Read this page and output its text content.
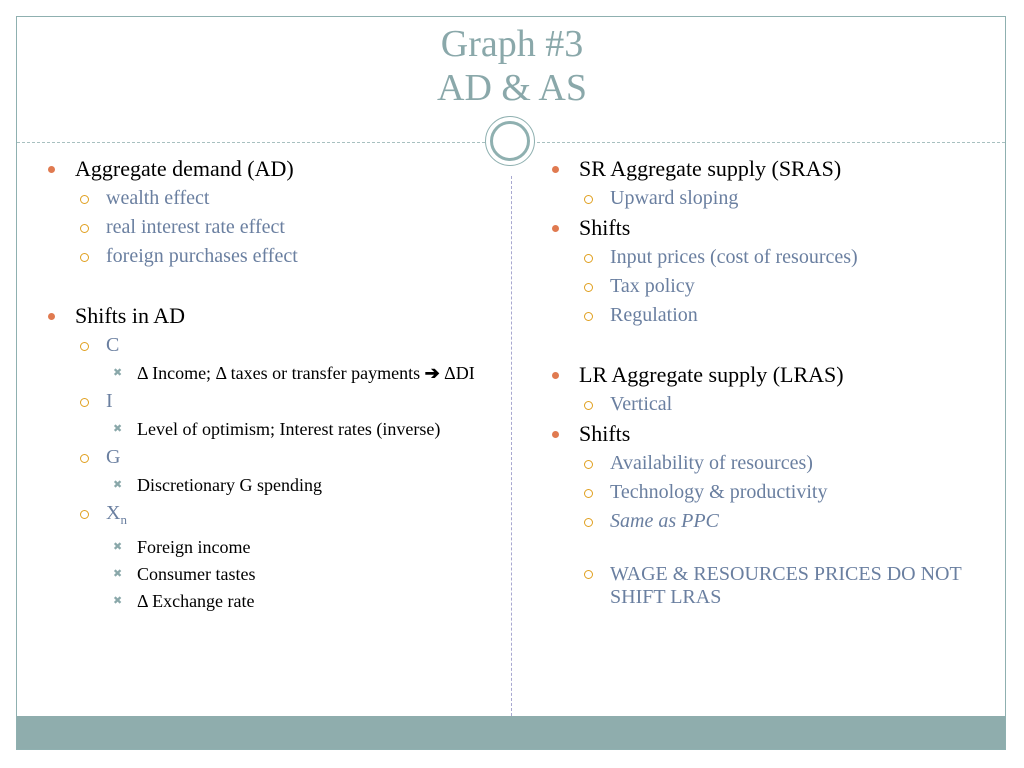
Graph #3
AD & AS
Aggregate demand (AD)
wealth effect
real interest rate effect
foreign purchases effect
Shifts in AD
C
✖ Δ Income; Δ taxes or transfer payments ➔ ΔDI
I
✖ Level of optimism; Interest rates (inverse)
G
✖ Discretionary G spending
$X_n$
✖ Foreign income
✖ Consumer tastes
✖ Δ Exchange rate
SR Aggregate supply (SRAS)
Upward sloping
Shifts
Input prices (cost of resources)
Tax policy
Regulation
LR Aggregate supply (LRAS)
Vertical
Shifts
Availability of resources)
Technology & productivity
Same as PPC
WAGE & RESOURCES PRICES DO NOT SHIFT LRAS
